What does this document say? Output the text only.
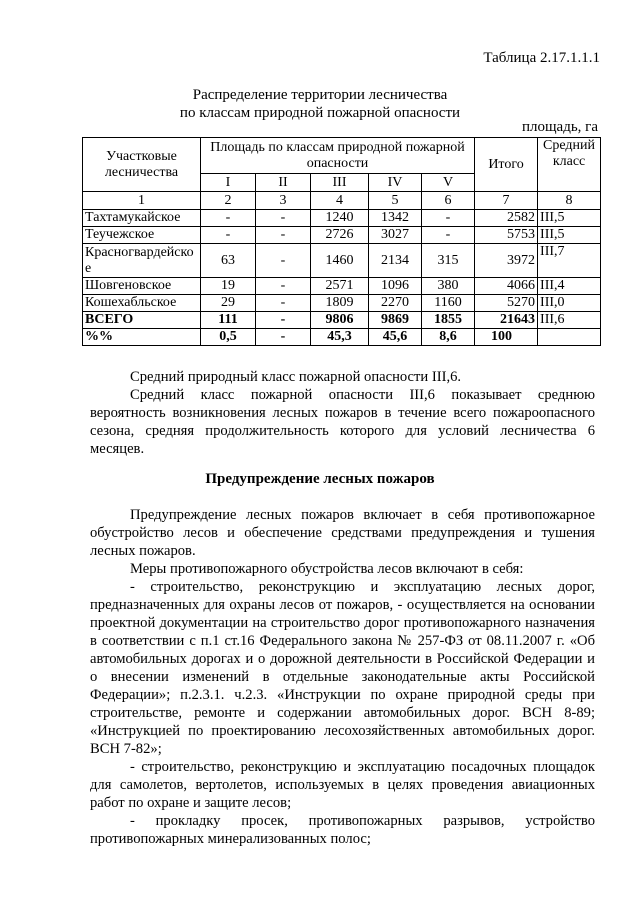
Таблица 2.17.1.1.1
Распределение территории лесничества
по классам природной пожарной опасности
площадь, га
Участковые лесничества	Площадь по классам природной пожарной опасности					Итого	Средний класс
	I	II	III	IV	V		
1	2	3	4	5	6	7	8
Тахтамукайское	-	-	1240	1342	-	2582	III,5
Теучежское	-	-	2726	3027	-	5753	III,5
Красногвардейское	63	-	1460	2134	315	3972	III,7
Шовгеновское	19	-	2571	1096	380	4066	III,4
Кошехабльское	29	-	1809	2270	1160	5270	III,0
ВСЕГО	111	-	9806	9869	1855	21643	III,6
%%	0,5	-	45,3	45,6	8,6	100	

Средний природный класс пожарной опасности III,6.

Средний класс пожарной опасности III,6 показывает среднюю вероятность возникновения лесных пожаров в течение всего пожароопасного сезона, средняя продолжительность которого для условий лесничества 6 месяцев.

Предупреждение лесных пожаров

Предупреждение лесных пожаров включает в себя противопожарное обустройство лесов и обеспечение средствами предупреждения и тушения лесных пожаров.

Меры противопожарного обустройства лесов включают в себя:

- строительство, реконструкцию и эксплуатацию лесных дорог, предназначенных для охраны лесов от пожаров, - осуществляется на основании проектной документации на строительство дорог противопожарного назначения в соответствии с п.1 ст.16 Федерального закона № 257-ФЗ от 08.11.2007 г. «Об автомобильных дорогах и о дорожной деятельности в Российской Федерации и о внесении изменений в отдельные законодательные акты Российской Федерации»; п.2.3.1. ч.2.3. «Инструкции по охране природной среды при строительстве, ремонте и содержании автомобильных дорог. ВСН 8-89; «Инструкцией по проектированию лесохозяйственных автомобильных дорог. ВСН 7-82»;

- строительство, реконструкцию и эксплуатацию посадочных площадок для самолетов, вертолетов, используемых в целях проведения авиационных работ по охране и защите лесов;

- прокладку просек, противопожарных разрывов, устройство противопожарных минерализованных полос;
